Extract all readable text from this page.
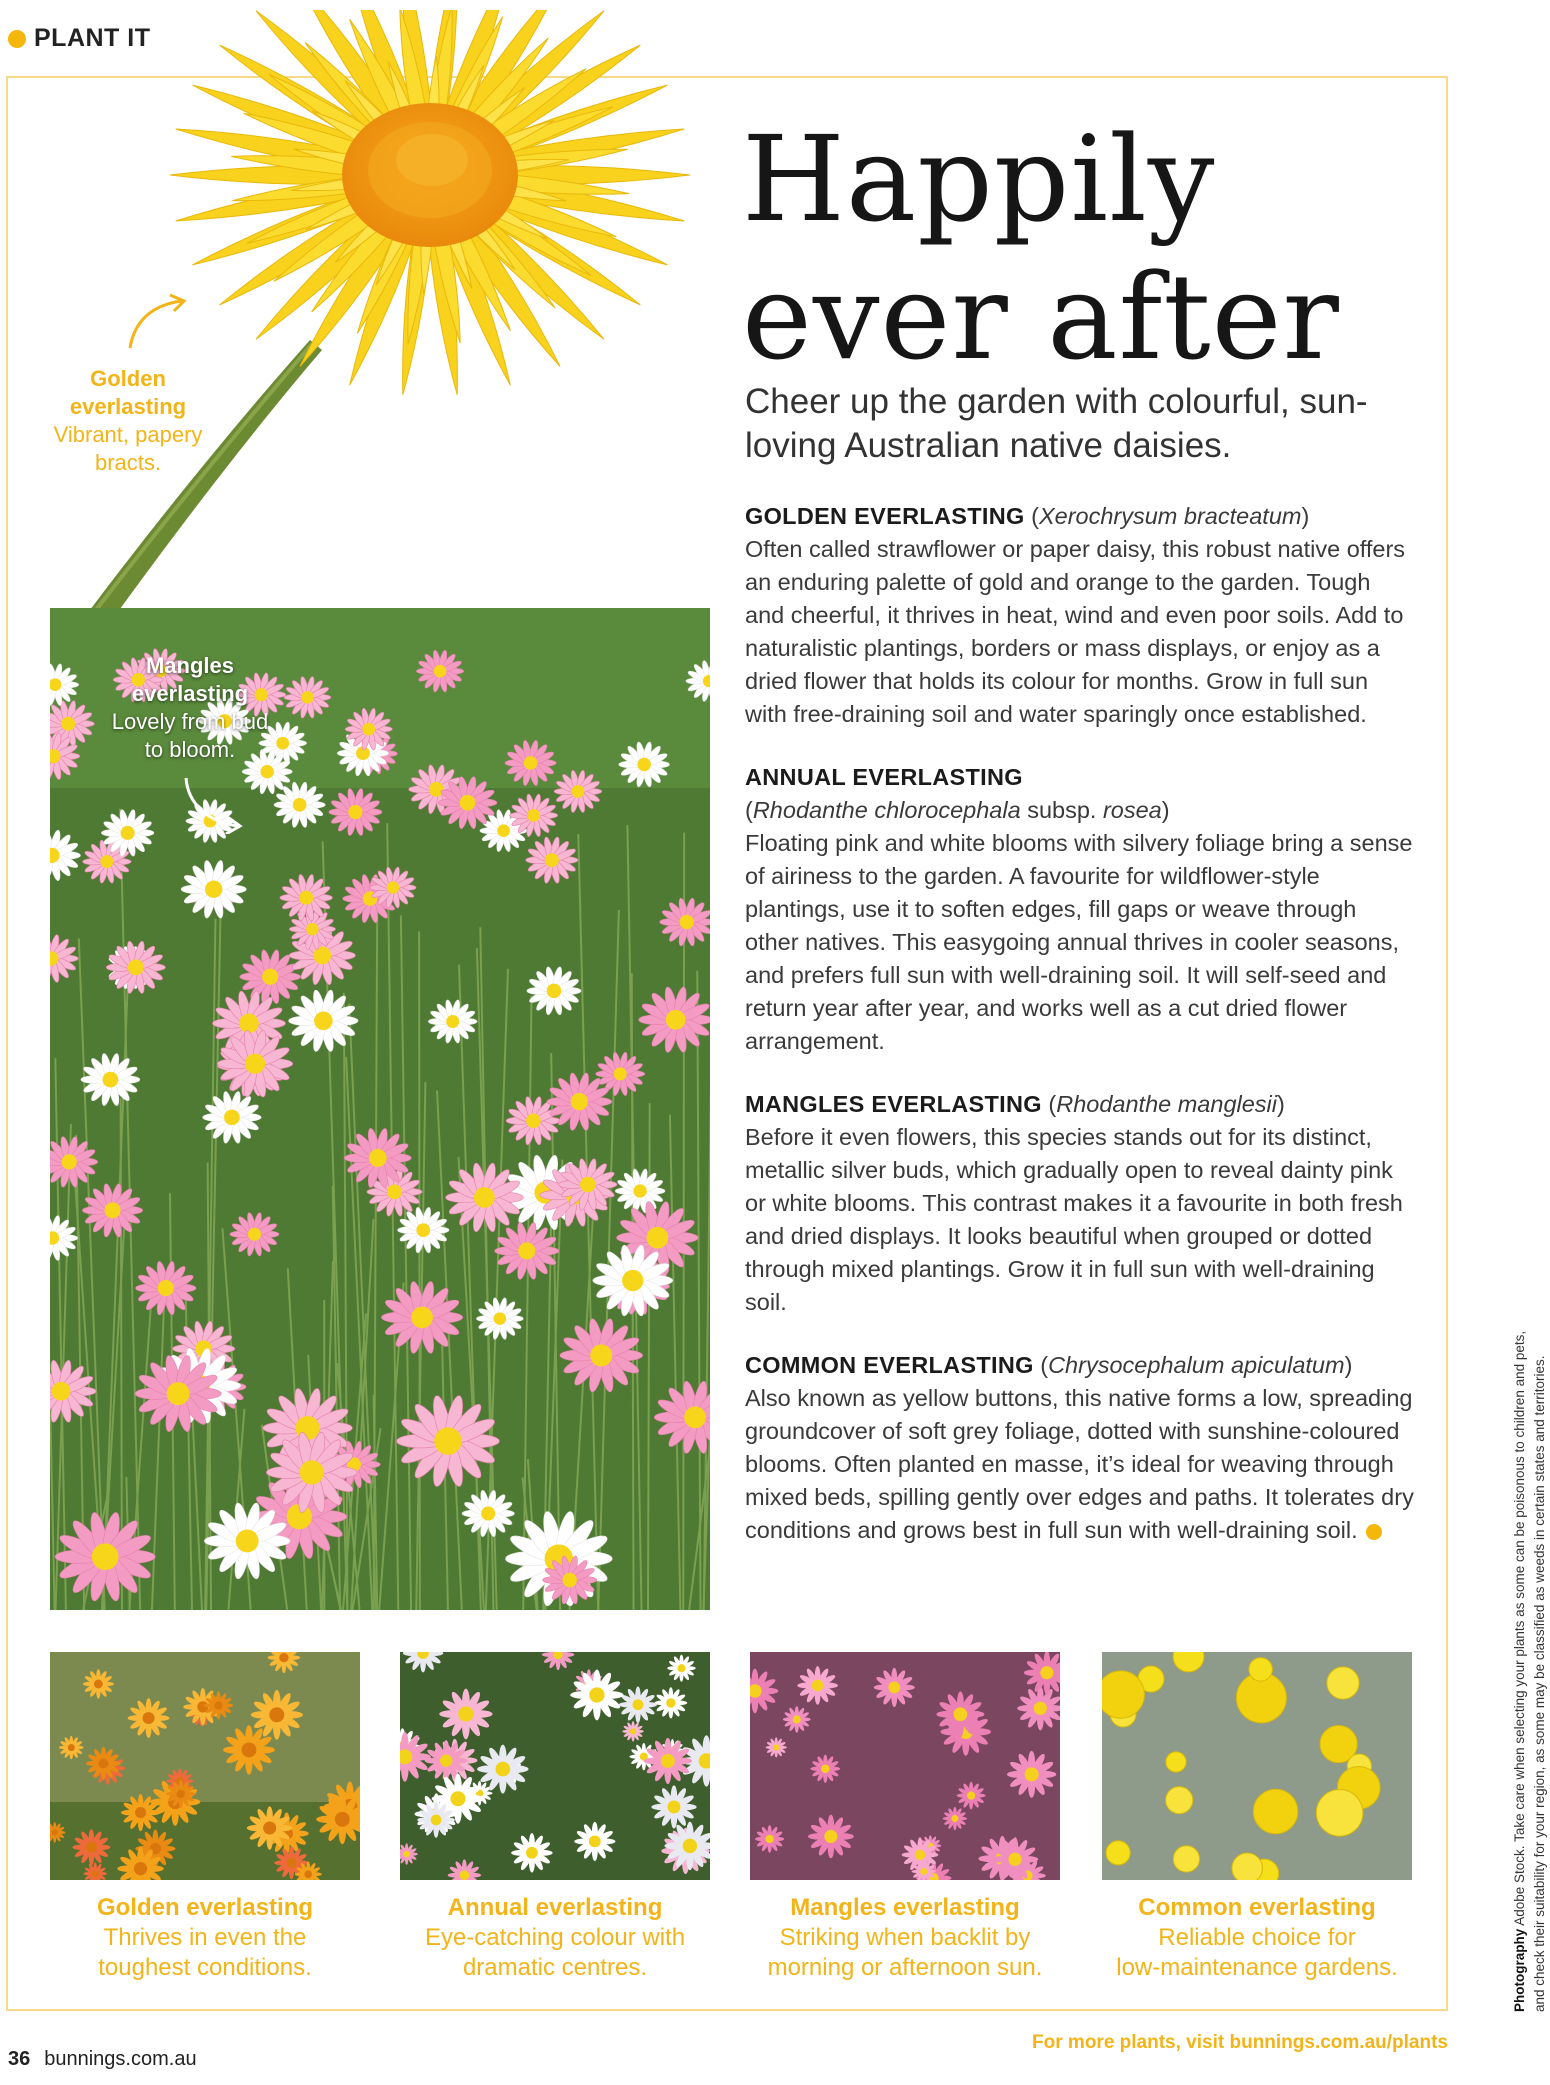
PLANT IT
Golden
everlasting
Vibrant, papery
bracts.
Mangles
everlasting
Lovely from bud
to bloom.
Happily
ever after
Cheer up the garden with colourful, sun-loving Australian native daisies.
GOLDEN EVERLASTING (Xerochrysum bracteatum)
Often called strawflower or paper daisy, this robust native offers an enduring palette of gold and orange to the garden. Tough and cheerful, it thrives in heat, wind and even poor soils. Add to naturalistic plantings, borders or mass displays, or enjoy as a dried flower that holds its colour for months. Grow in full sun with free-draining soil and water sparingly once established.
ANNUAL EVERLASTING
(Rhodanthe chlorocephala subsp. rosea)
Floating pink and white blooms with silvery foliage bring a sense of airiness to the garden. A favourite for wildflower-style plantings, use it to soften edges, fill gaps or weave through other natives. This easygoing annual thrives in cooler seasons, and prefers full sun with well-draining soil. It will self-seed and return year after year, and works well as a cut dried flower arrangement.
MANGLES EVERLASTING (Rhodanthe manglesii)
Before it even flowers, this species stands out for its distinct, metallic silver buds, which gradually open to reveal dainty pink or white blooms. This contrast makes it a favourite in both fresh and dried displays. It looks beautiful when grouped or dotted through mixed plantings. Grow it in full sun with well-draining soil.
COMMON EVERLASTING (Chrysocephalum apiculatum)
Also known as yellow buttons, this native forms a low, spreading groundcover of soft grey foliage, dotted with sunshine-coloured blooms. Often planted en masse, it’s ideal for weaving through mixed beds, spilling gently over edges and paths. It tolerates dry conditions and grows best in full sun with well-draining soil.
Golden everlasting
Thrives in even the
toughest conditions.
Annual everlasting
Eye-catching colour with
dramatic centres.
Mangles everlasting
Striking when backlit by
morning or afternoon sun.
Common everlasting
Reliable choice for
low-maintenance gardens.
36 bunnings.com.au
For more plants, visit bunnings.com.au/plants
Photography Adobe Stock. Take care when selecting your plants as some can be poisonous to children and pets, and check their suitability for your region, as some may be classified as weeds in certain states and territories.
